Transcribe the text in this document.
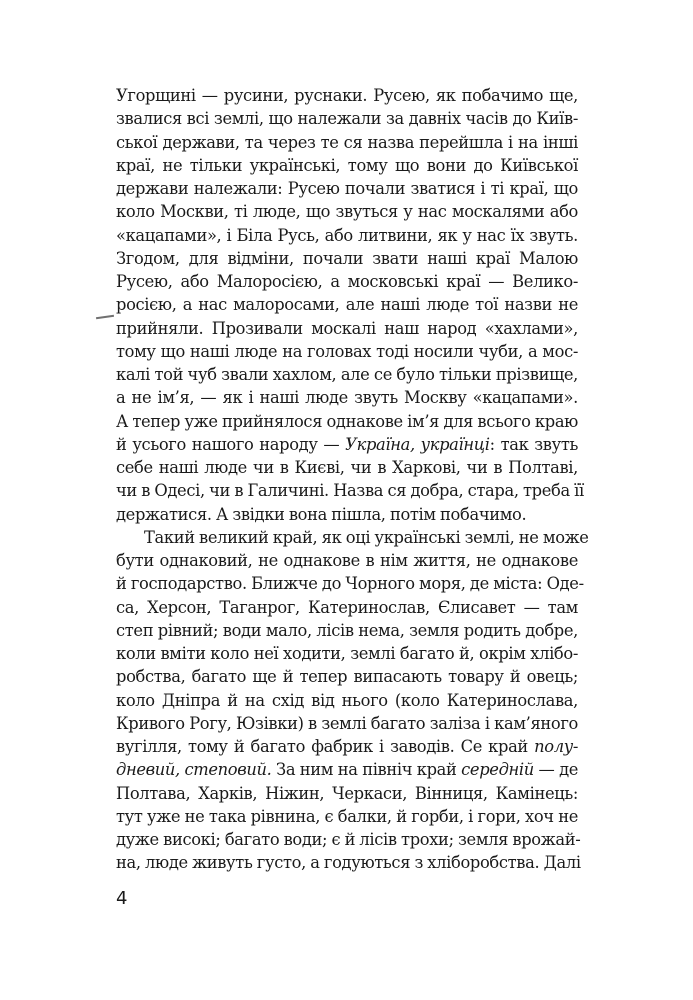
Угорщині — русини, руснаки. Русею, як побачимо ще,
звалися всі землі, що належали за давніх часів до Київ-
ської держави, та через те ся назва перейшла і на інші
краї, не тільки українські, тому що вони до Київської
держави належали: Русею почали зватися і ті краї, що
коло Москви, ті люде, що звуться у нас москалями або
«кацапами», і Біла Русь, або литвини, як у нас їх звуть.
Згодом, для відміни, почали звати наші краї Малою
Русею, або Малоросією, а московські краї — Велико-
росією, а нас малоросами, але наші люде тої назви не
прийняли. Прозивали москалі наш народ «хахлами»,
тому що наші люде на головах тоді носили чуби, а мос-
калі той чуб звали хахлом, але се було тільки прізвище,
а не ім’я, — як і наші люде звуть Москву «кацапами».
А тепер уже прийнялося однакове ім’я для всього краю
й усього нашого народу — Україна, українці: так звуть
себе наші люде чи в Києві, чи в Харкові, чи в Полтаві,
чи в Одесі, чи в Галичині. Назва ся добра, стара, треба її
держатися. А звідки вона пішла, потім побачимо.
Такий великий край, як оці українські землі, не може
бути однаковий, не однакове в нім життя, не однакове
й господарство. Ближче до Чорного моря, де міста: Оде-
са, Херсон, Таганрог, Катеринослав, Єлисавет — там
степ рівний; води мало, лісів нема, земля родить добре,
коли вміти коло неї ходити, землі багато й, окрім хлібо-
робства, багато ще й тепер випасають товару й овець;
коло Дніпра й на схід від нього (коло Катеринослава,
Кривого Рогу, Юзівки) в землі багато заліза і кам’яного
вугілля, тому й багато фабрик і заводів. Се край полу-
дневий, степовий. За ним на північ край середній — де
Полтава, Харків, Ніжин, Черкаси, Вінниця, Камінець:
тут уже не така рівнина, є балки, й горби, і гори, хоч не
дуже високі; багато води; є й лісів трохи; земля врожай-
на, люде живуть густо, а годуються з хліборобства. Далі
4
